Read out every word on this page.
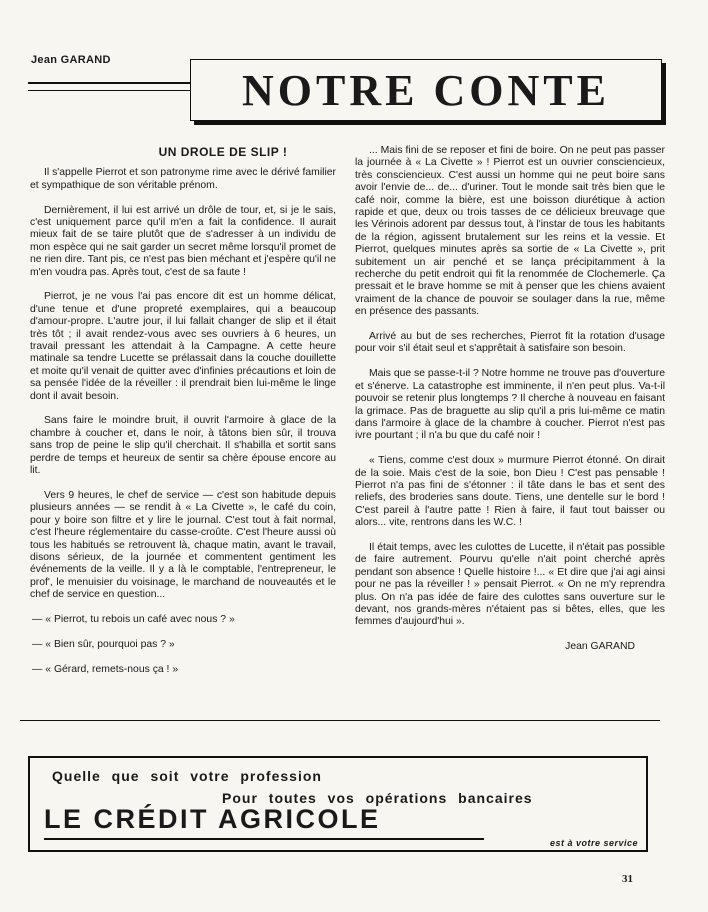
Jean GARAND
NOTRE CONTE
UN DROLE DE SLIP !

Il s'appelle Pierrot et son patronyme rime avec le dérivé familier et sympathique de son véritable prénom.

Dernièrement, il lui est arrivé un drôle de tour, et, si je le sais, c'est uniquement parce qu'il m'en a fait la confidence. Il aurait mieux fait de se taire plutôt que de s'adresser à un individu de mon espèce qui ne sait garder un secret même lorsqu'il promet de ne rien dire. Tant pis, ce n'est pas bien méchant et j'espère qu'il ne m'en voudra pas. Après tout, c'est de sa faute !

Pierrot, je ne vous l'ai pas encore dit est un homme délicat, d'une tenue et d'une propreté exemplaires, qui a beaucoup d'amour-propre. L'autre jour, il lui fallait changer de slip et il était très tôt ; il avait rendez-vous avec ses ouvriers à 6 heures, un travail pressant les attendait à la Campagne. A cette heure matinale sa tendre Lucette se prélassait dans la couche douillette et moite qu'il venait de quitter avec d'infinies précautions et loin de sa pensée l'idée de la réveiller : il prendrait bien lui-même le linge dont il avait besoin.

Sans faire le moindre bruit, il ouvrit l'armoire à glace de la chambre à coucher et, dans le noir, à tâtons bien sûr, il trouva sans trop de peine le slip qu'il cherchait. Il s'habilla et sortit sans perdre de temps et heureux de sentir sa chère épouse encore au lit.

Vers 9 heures, le chef de service — c'est son habitude depuis plusieurs années — se rendit à « La Civette », le café du coin, pour y boire son filtre et y lire le journal. C'est tout à fait normal, c'est l'heure réglementaire du casse-croûte. C'est l'heure aussi où tous les habitués se retrouvent là, chaque matin, avant le travail, disons sérieux, de la journée et commentent gentiment les événements de la veille. Il y a là le comptable, l'entrepreneur, le prof', le menuisier du voisinage, le marchand de nouveautés et le chef de service en question...

— « Pierrot, tu rebois un café avec nous ? »

— « Bien sûr, pourquoi pas ? »

— « Gérard, remets-nous ça ! »

... Mais fini de se reposer et fini de boire. On ne peut pas passer la journée à « La Civette » ! Pierrot est un ouvrier consciencieux, très consciencieux. C'est aussi un homme qui ne peut boire sans avoir l'envie de... de... d'uriner. Tout le monde sait très bien que le café noir, comme la bière, est une boisson diurétique à action rapide et que, deux ou trois tasses de ce délicieux breuvage que les Vérinois adorent par dessus tout, à l'instar de tous les habitants de la région, agissent brutalement sur les reins et la vessie. Et Pierrot, quelques minutes après sa sortie de « La Civette », prit subitement un air penché et se lança précipitamment à la recherche du petit endroit qui fit la renommée de Clochemerle. Ça pressait et le brave homme se mit à penser que les chiens avaient vraiment de la chance de pouvoir se soulager dans la rue, même en présence des passants.

Arrivé au but de ses recherches, Pierrot fit la rotation d'usage pour voir s'il était seul et s'apprêtait à satisfaire son besoin.

Mais que se passe-t-il ? Notre homme ne trouve pas d'ouverture et s'énerve. La catastrophe est imminente, il n'en peut plus. Va-t-il pouvoir se retenir plus longtemps ? Il cherche à nouveau en faisant la grimace. Pas de braguette au slip qu'il a pris lui-même ce matin dans l'armoire à glace de la chambre à coucher. Pierrot n'est pas ivre pourtant ; il n'a bu que du café noir !

« Tiens, comme c'est doux » murmure Pierrot étonné. On dirait de la soie. Mais c'est de la soie, bon Dieu ! C'est pas pensable ! Pierrot n'a pas fini de s'étonner : il tâte dans le bas et sent des reliefs, des broderies sans doute. Tiens, une dentelle sur le bord ! C'est pareil à l'autre patte ! Rien à faire, il faut tout baisser ou alors... vite, rentrons dans les W.C. !

Il était temps, avec les culottes de Lucette, il n'était pas possible de faire autrement. Pourvu qu'elle n'ait point cherché après pendant son absence ! Quelle histoire !... « Et dire que j'ai agi ainsi pour ne pas la réveiller ! » pensait Pierrot. « On ne m'y reprendra plus. On n'a pas idée de faire des culottes sans ouverture sur le devant, nos grands-mères n'étaient pas si bêtes, elles, que les femmes d'aujourd'hui ».

Jean GARAND
Quelle que soit votre profession
Pour toutes vos opérations bancaires
LE CRÉDIT AGRICOLE
est à votre service
31
